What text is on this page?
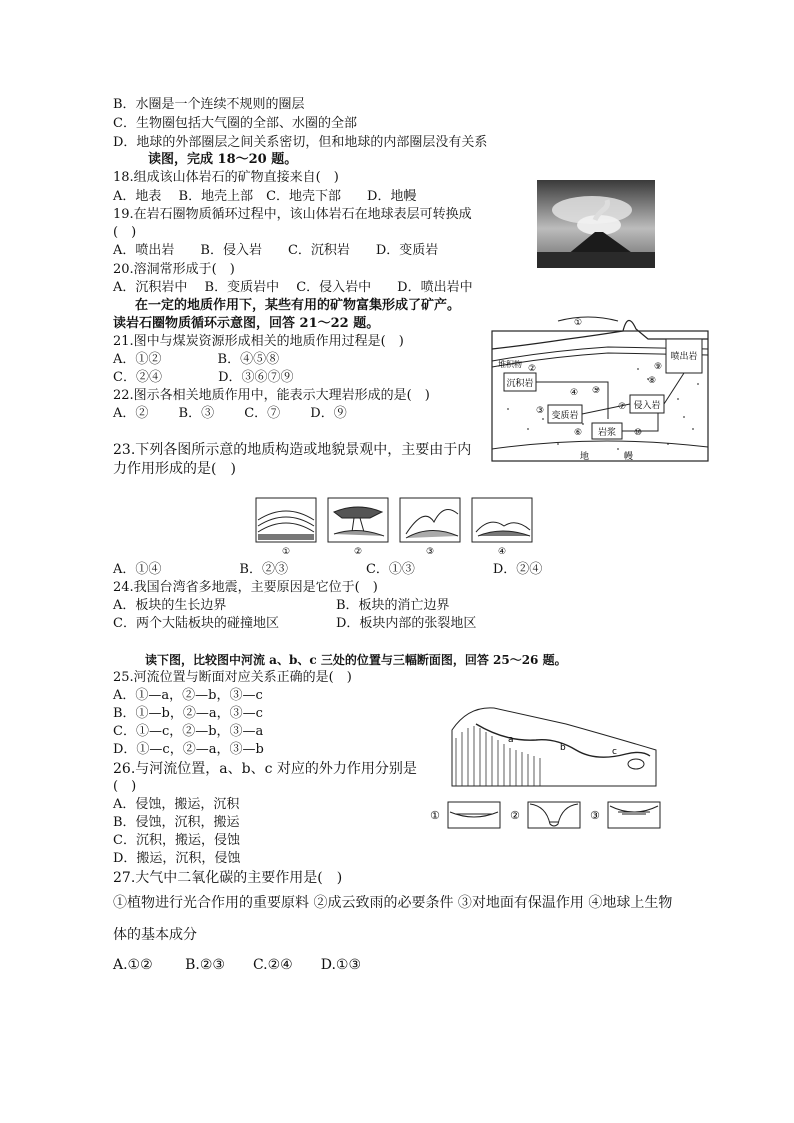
B．水圈是一个连续不规则的圈层
C．生物圈包括大气圈的全部、水圈的全部
D．地球的外部圈层之间关系密切，但和地球的内部圈层没有关系
读图，完成 18～20 题。
18.组成该山体岩石的矿物直接来自(　)
A．地表　 B．地壳上部　C．地壳下部　　D．地幔
19.在岩石圈物质循环过程中，该山体岩石在地球表层可转换成
(　)
A．喷出岩　　B．侵入岩　　C．沉积岩　　D．变质岩
20.溶洞常形成于(　)
A．沉积岩中　 B．变质岩中　 C．侵入岩中　　D．喷出岩中
在一定的地质作用下，某些有用的矿物富集形成了矿产。
读岩石圈物质循环示意图，回答 21～22 题。
21.图中与煤炭资源形成相关的地质作用过程是(　)
A．①②　　　　 B．④⑤⑧
C．②④　　　　 D．③⑥⑦⑨
22.图示各相关地质作用中，能表示大理岩形成的是(　)
A．②　　 B．③　　 C．⑦　　 D．⑨
23.下列各图所示意的地质构造或地貌景观中，主要由于内
力作用形成的是(　)
A．①④　　　　　　B．②③　　　　　　C．①③　　　　　　D．②④
24.我国台湾省多地震，主要原因是它位于(　)
A．板块的生长边界	B．板块的消亡边界
C．两个大陆板块的碰撞地区	D．板块内部的张裂地区
读下图，比较图中河流 a、b、c 三处的位置与三幅断面图，回答 25～26 题。
25.河流位置与断面对应关系正确的是(　)
A．①—a，②—b，③—c
B．①—b，②—a，③—c
C．①—c，②—b，③—a
D．①—c，②—a，③—b
26.与河流位置，a、b、c 对应的外力作用分别是
(　)
A．侵蚀，搬运，沉积
B．侵蚀，沉积，搬运
C．沉积，搬运，侵蚀
D．搬运，沉积，侵蚀
27.大气中二氧化碳的主要作用是(　)
①植物进行光合作用的重要原料 ②成云致雨的必要条件 ③对地面有保温作用 ④地球上生物
体的基本成分
A.①②　　 B.②③　　C.②④　　D.①③
沉积岩
变质岩
侵入岩
喷出岩
岩浆
堆积物
地	幔
①
②
③
④ ⑤
⑥
⑦
⑧
⑨
⑩
①	②	③	④
a
b	c
①	②	③
